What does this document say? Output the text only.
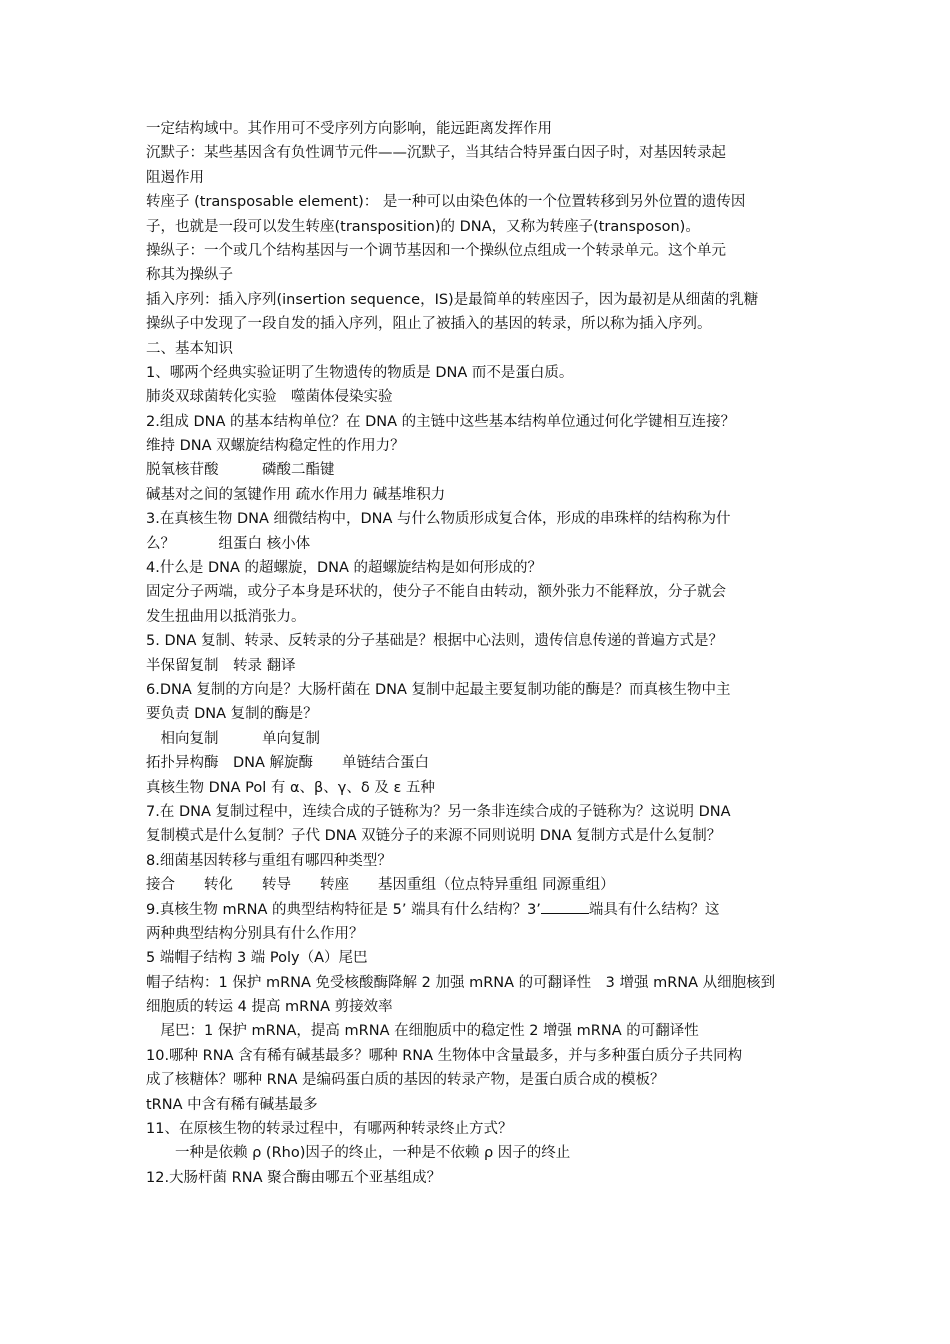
一定结构域中。其作用可不受序列方向影响，能远距离发挥作用
沉默子：某些基因含有负性调节元件——沉默子，当其结合特异蛋白因子时，对基因转录起
阻遏作用
转座子 (transposable element)： 是一种可以由染色体的一个位置转移到另外位置的遗传因
子，也就是一段可以发生转座(transposition)的 DNA，又称为转座子(transposon)。
操纵子：一个或几个结构基因与一个调节基因和一个操纵位点组成一个转录单元。这个单元
称其为操纵子
插入序列：插入序列(insertion sequence，IS)是最简单的转座因子，因为最初是从细菌的乳糖
操纵子中发现了一段自发的插入序列，阻止了被插入的基因的转录，所以称为插入序列。
二、基本知识
1、哪两个经典实验证明了生物遗传的物质是 DNA 而不是蛋白质。
肺炎双球菌转化实验　噬菌体侵染实验
2.组成 DNA 的基本结构单位？在 DNA 的主链中这些基本结构单位通过何化学键相互连接？
维持 DNA 双螺旋结构稳定性的作用力？
脱氧核苷酸　　　磷酸二酯键
碱基对之间的氢键作用 疏水作用力 碱基堆积力
3.在真核生物 DNA 细微结构中，DNA 与什么物质形成复合体，形成的串珠样的结构称为什
么？　　　组蛋白 核小体
4.什么是 DNA 的超螺旋，DNA 的超螺旋结构是如何形成的？
固定分子两端，或分子本身是环状的，使分子不能自由转动，额外张力不能释放，分子就会
发生扭曲用以抵消张力。
5. DNA 复制、转录、反转录的分子基础是？根据中心法则，遗传信息传递的普遍方式是？
半保留复制　转录 翻译
6.DNA 复制的方向是？大肠杆菌在 DNA 复制中起最主要复制功能的酶是？而真核生物中主
要负责 DNA 复制的酶是？
　相向复制　　　单向复制
拓扑异构酶　DNA 解旋酶　　单链结合蛋白
真核生物 DNA Pol 有 α、β、γ、δ 及 ε 五种
7.在 DNA 复制过程中，连续合成的子链称为？另一条非连续合成的子链称为？这说明 DNA
复制模式是什么复制？子代 DNA 双链分子的来源不同则说明 DNA 复制方式是什么复制？
8.细菌基因转移与重组有哪四种类型？
接合　　转化　　转导　　转座　　基因重组（位点特异重组 同源重组）
9.真核生物 mRNA 的典型结构特征是 5’ 端具有什么结构？3’	端具有什么结构？这
两种典型结构分别具有什么作用？
5 端帽子结构 3 端 Poly（A）尾巴
帽子结构：1 保护 mRNA 免受核酸酶降解 2 加强 mRNA 的可翻译性　3 增强 mRNA 从细胞核到
细胞质的转运 4 提高 mRNA 剪接效率
　尾巴：1 保护 mRNA，提高 mRNA 在细胞质中的稳定性 2 增强 mRNA 的可翻译性
10.哪种 RNA 含有稀有碱基最多？哪种 RNA 生物体中含量最多，并与多种蛋白质分子共同构
成了核糖体？哪种 RNA 是编码蛋白质的基因的转录产物，是蛋白质合成的模板？
tRNA 中含有稀有碱基最多
11、在原核生物的转录过程中，有哪两种转录终止方式？
　　一种是依赖 ρ (Rho)因子的终止，一种是不依赖 ρ 因子的终止
12.大肠杆菌 RNA 聚合酶由哪五个亚基组成？
